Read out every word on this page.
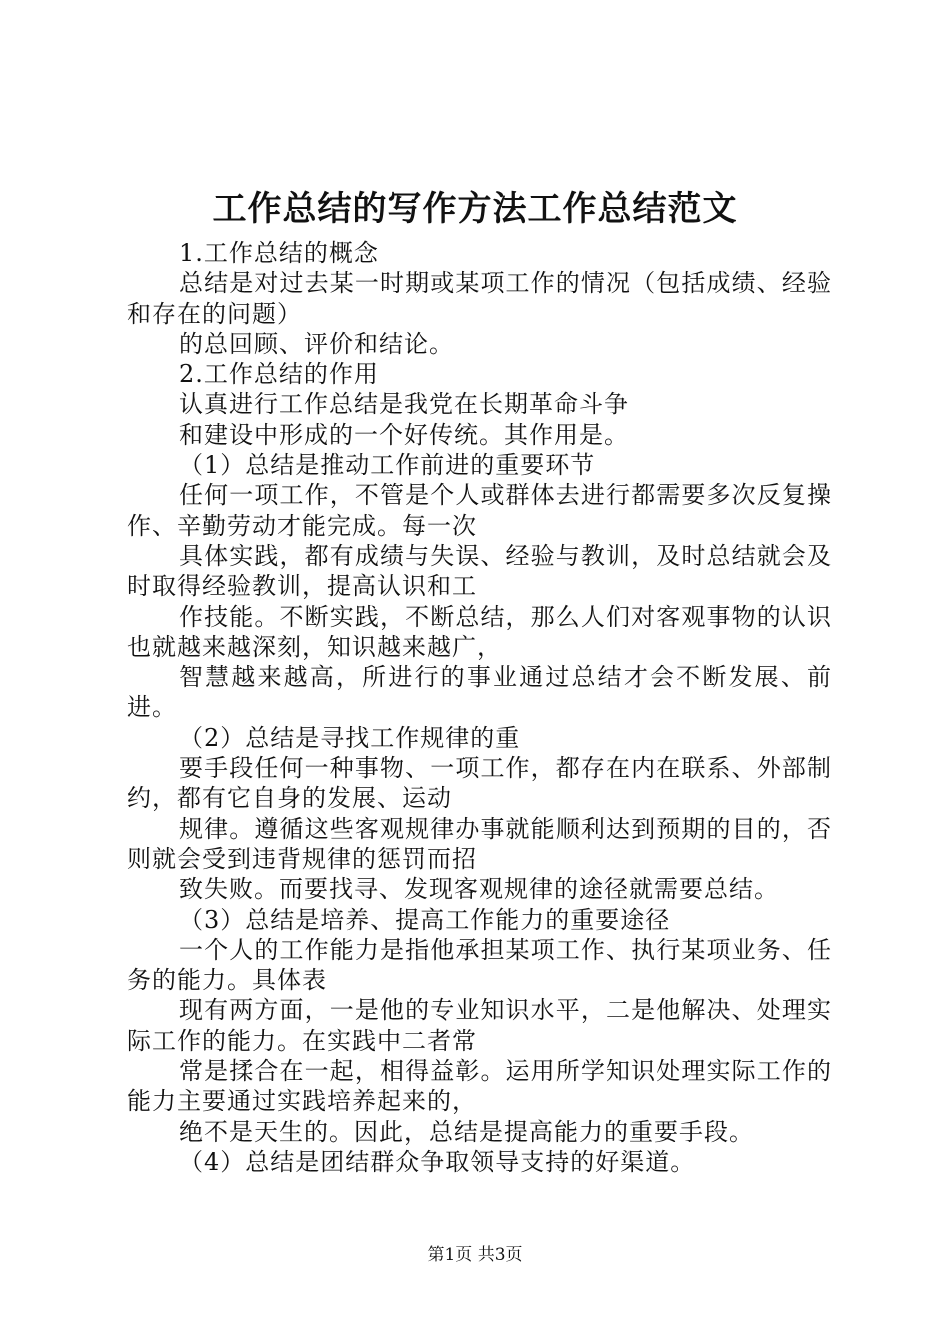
工作总结的写作方法工作总结范文

1.工作总结的概念

总结是对过去某一时期或某项工作的情况（包括成绩、经验和存在的问题）

的总回顾、评价和结论。

2.工作总结的作用

认真进行工作总结是我党在长期革命斗争

和建设中形成的一个好传统。其作用是。

（1）总结是推动工作前进的重要环节

任何一项工作，不管是个人或群体去进行都需要多次反复操作、辛勤劳动才能完成。每一次

具体实践，都有成绩与失误、经验与教训，及时总结就会及时取得经验教训，提高认识和工

作技能。不断实践，不断总结，那么人们对客观事物的认识也就越来越深刻，知识越来越广，

智慧越来越高，所进行的事业通过总结才会不断发展、前进。

（2）总结是寻找工作规律的重

要手段任何一种事物、一项工作，都存在内在联系、外部制约，都有它自身的发展、运动

规律。遵循这些客观规律办事就能顺利达到预期的目的，否则就会受到违背规律的惩罚而招

致失败。而要找寻、发现客观规律的途径就需要总结。

（3）总结是培养、提高工作能力的重要途径

一个人的工作能力是指他承担某项工作、执行某项业务、任务的能力。具体表

现有两方面，一是他的专业知识水平，二是他解决、处理实际工作的能力。在实践中二者常

常是揉合在一起，相得益彰。运用所学知识处理实际工作的能力主要通过实践培养起来的，

绝不是天生的。因此，总结是提高能力的重要手段。

（4）总结是团结群众争取领导支持的好渠道。

第1页 共3页
